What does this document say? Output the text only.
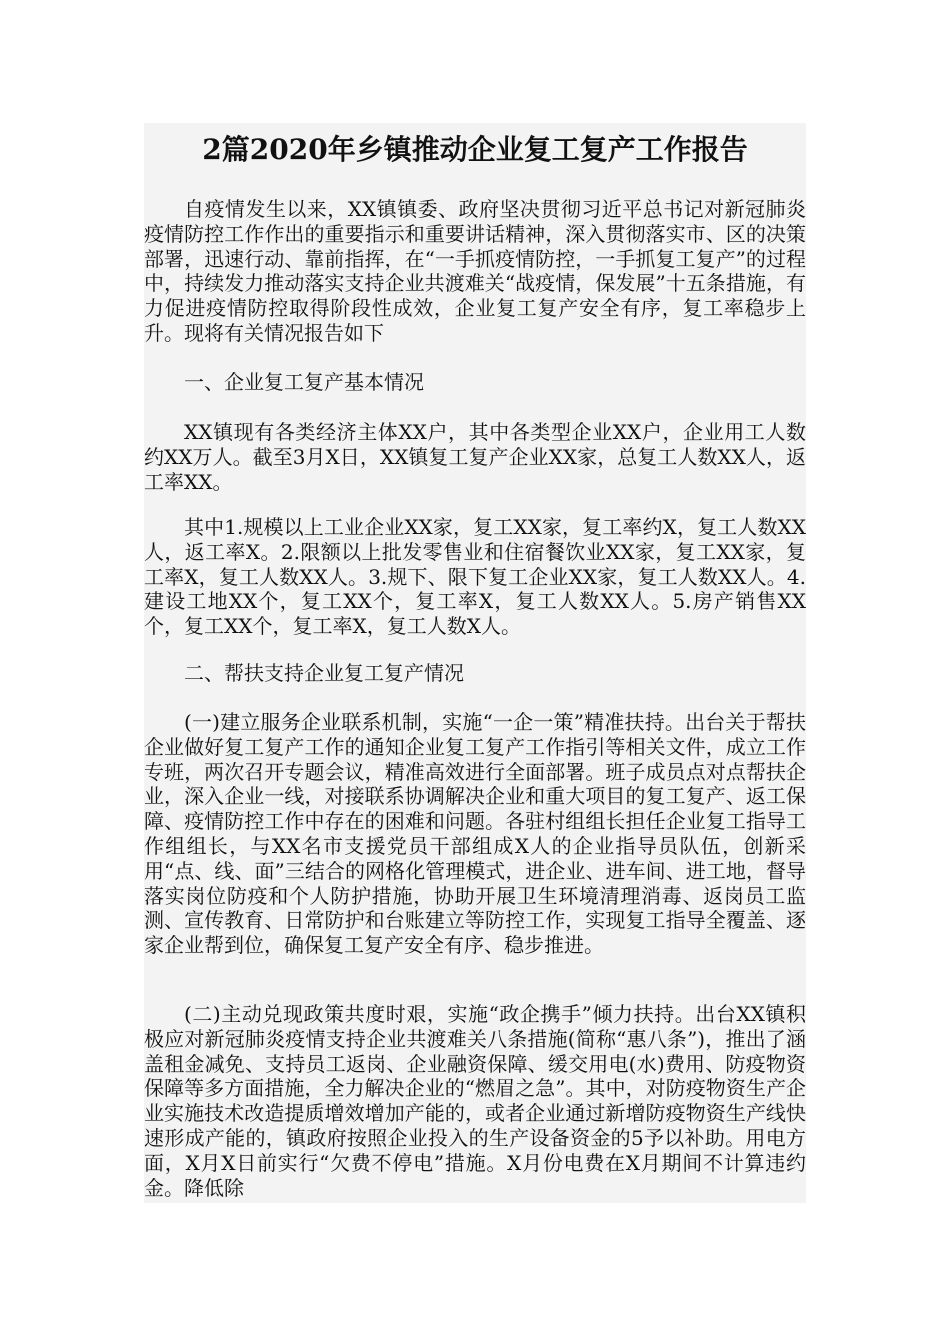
2篇2020年乡镇推动企业复工复产工作报告

自疫情发生以来，XX镇镇委、政府坚决贯彻习近平总书记对新冠肺炎疫情防控工作作出的重要指示和重要讲话精神，深入贯彻落实市、区的决策部署，迅速行动、靠前指挥，在“一手抓疫情防控，一手抓复工复产”的过程中，持续发力推动落实支持企业共渡难关“战疫情，保发展”十五条措施，有力促进疫情防控取得阶段性成效，企业复工复产安全有序，复工率稳步上升。现将有关情况报告如下

一、企业复工复产基本情况

XX镇现有各类经济主体XX户，其中各类型企业XX户，企业用工人数约XX万人。截至3月X日，XX镇复工复产企业XX家，总复工人数XX人，返工率XX。

其中1.规模以上工业企业XX家，复工XX家，复工率约X，复工人数XX人，返工率X。2.限额以上批发零售业和住宿餐饮业XX家，复工XX家，复工率X，复工人数XX人。3.规下、限下复工企业XX家，复工人数XX人。4.建设工地XX个，复工XX个，复工率X，复工人数XX人。5.房产销售XX个，复工XX个，复工率X，复工人数X人。

二、帮扶支持企业复工复产情况

(一)建立服务企业联系机制，实施“一企一策”精准扶持。出台关于帮扶企业做好复工复产工作的通知企业复工复产工作指引等相关文件，成立工作专班，两次召开专题会议，精准高效进行全面部署。班子成员点对点帮扶企业，深入企业一线，对接联系协调解决企业和重大项目的复工复产、返工保障、疫情防控工作中存在的困难和问题。各驻村组组长担任企业复工指导工作组组长，与XX名市支援党员干部组成X人的企业指导员队伍，创新采用“点、线、面”三结合的网格化管理模式，进企业、进车间、进工地，督导落实岗位防疫和个人防护措施，协助开展卫生环境清理消毒、返岗员工监测、宣传教育、日常防护和台账建立等防控工作，实现复工指导全覆盖、逐家企业帮到位，确保复工复产安全有序、稳步推进。

(二)主动兑现政策共度时艰，实施“政企携手”倾力扶持。出台XX镇积极应对新冠肺炎疫情支持企业共渡难关八条措施(简称“惠八条”)，推出了涵盖租金减免、支持员工返岗、企业融资保障、缓交用电(水)费用、防疫物资保障等多方面措施，全力解决企业的“燃眉之急”。其中，对防疫物资生产企业实施技术改造提质增效增加产能的，或者企业通过新增防疫物资生产线快速形成产能的，镇政府按照企业投入的生产设备资金的5予以补助。用电方面，X月X日前实行“欠费不停电”措施。X月份电费在X月期间不计算违约金。降低除
